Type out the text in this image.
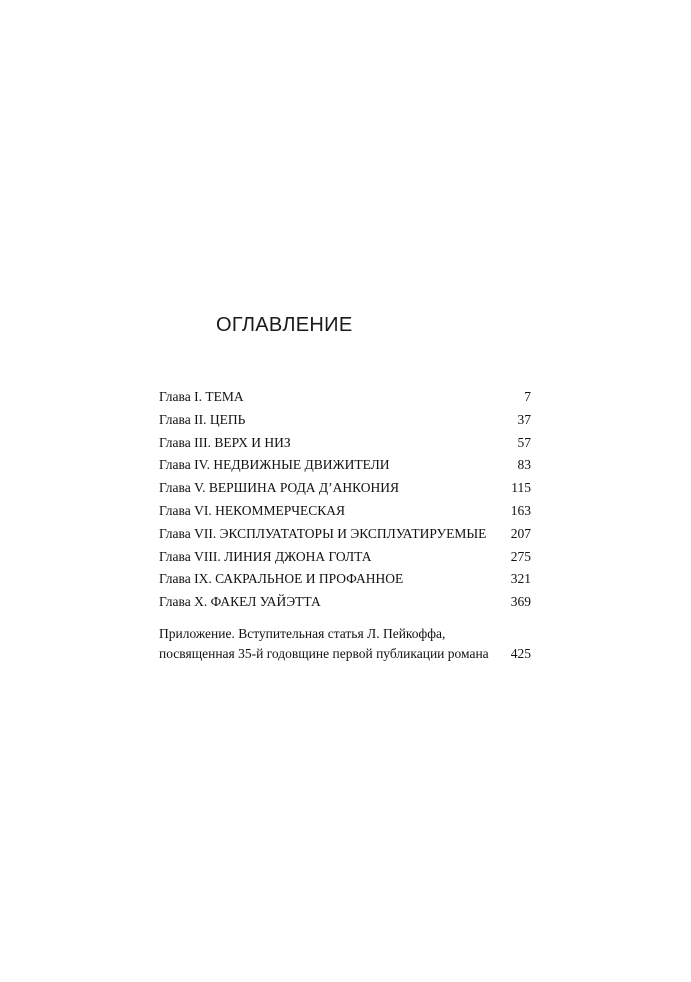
ОГЛАВЛЕНИЕ
Глава I. ТЕМА	7
Глава II. ЦЕПЬ	37
Глава III. ВЕРХ И НИЗ	57
Глава IV. НЕДВИЖНЫЕ ДВИЖИТЕЛИ	83
Глава V. ВЕРШИНА РОДА Д’АНКОНИЯ	115
Глава VI. НЕКОММЕРЧЕСКАЯ	163
Глава VII. ЭКСПЛУАТАТОРЫ И ЭКСПЛУАТИРУЕМЫЕ	207
Глава VIII. ЛИНИЯ ДЖОНА ГОЛТА	275
Глава IX. САКРАЛЬНОЕ И ПРОФАННОЕ	321
Глава X. ФАКЕЛ УАЙЭТТА	369
Приложение. Вступительная статья Л. Пейкоффа,
посвященная 35-й годовщине первой публикации романа	425
